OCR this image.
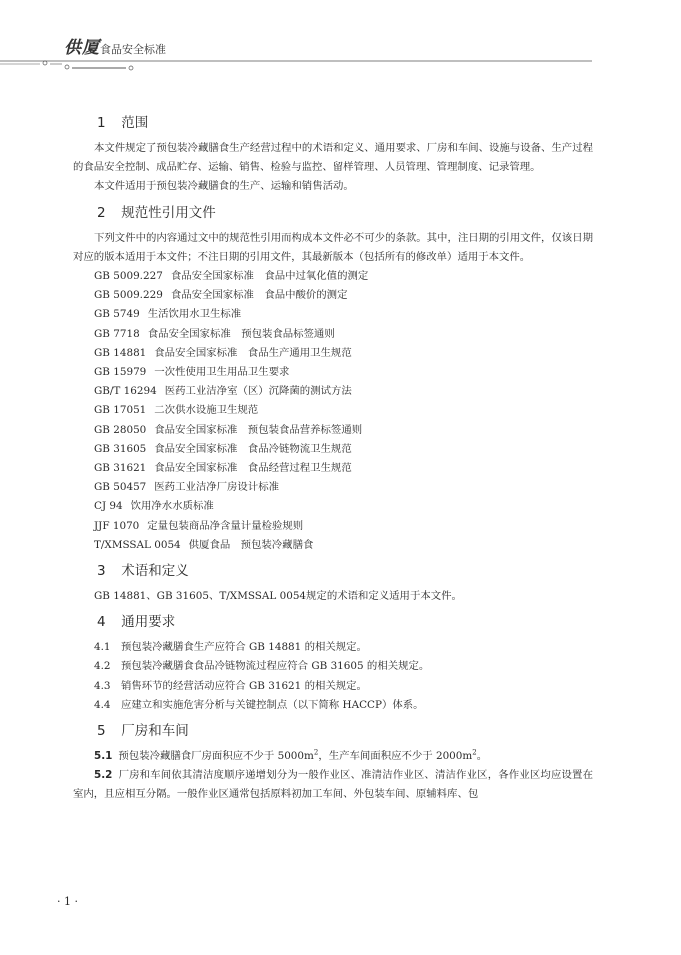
供厦 食品安全标准
1 范围

本文件规定了预包装冷藏膳食生产经营过程中的术语和定义、通用要求、厂房和车间、设施与设备、生产过程的食品安全控制、成品贮存、运输、销售、检验与监控、留样管理、人员管理、管理制度、记录管理。

本文件适用于预包装冷藏膳食的生产、运输和销售活动。

2 规范性引用文件

下列文件中的内容通过文中的规范性引用而构成本文件必不可少的条款。其中，注日期的引用文件，仅该日期对应的版本适用于本文件；不注日期的引用文件，其最新版本（包括所有的修改单）适用于本文件。

GB 5009.227 食品安全国家标准　食品中过氧化值的测定
GB 5009.229 食品安全国家标准　食品中酸价的测定
GB 5749 生活饮用水卫生标准
GB 7718 食品安全国家标准　预包装食品标签通则
GB 14881 食品安全国家标准　食品生产通用卫生规范
GB 15979 一次性使用卫生用品卫生要求
GB/T 16294 医药工业洁净室（区）沉降菌的测试方法
GB 17051 二次供水设施卫生规范
GB 28050 食品安全国家标准　预包装食品营养标签通则
GB 31605 食品安全国家标准　食品冷链物流卫生规范
GB 31621 食品安全国家标准　食品经营过程卫生规范
GB 50457 医药工业洁净厂房设计标准
CJ 94 饮用净水水质标准
JJF 1070 定量包装商品净含量计量检验规则
T/XMSSAL 0054 供厦食品　预包装冷藏膳食
3 术语和定义

GB 14881、GB 31605、T/XMSSAL 0054规定的术语和定义适用于本文件。

4 通用要求
4.1 预包装冷藏膳食生产应符合 GB 14881 的相关规定。
4.2 预包装冷藏膳食食品冷链物流过程应符合 GB 31605 的相关规定。
4.3 销售环节的经营活动应符合 GB 31621 的相关规定。
4.4 应建立和实施危害分析与关键控制点（以下简称 HACCP）体系。
5 厂房和车间

5.1 预包装冷藏膳食厂房面积应不少于 $5000m^2$，生产车间面积应不少于 $2000m^2$。

5.2 厂房和车间依其清洁度顺序递增划分为一般作业区、准清洁作业区、清洁作业区，各作业区均应设置在室内，且应相互分隔。一般作业区通常包括原料初加工车间、外包装车间、原辅料库、包

· 1 ·
